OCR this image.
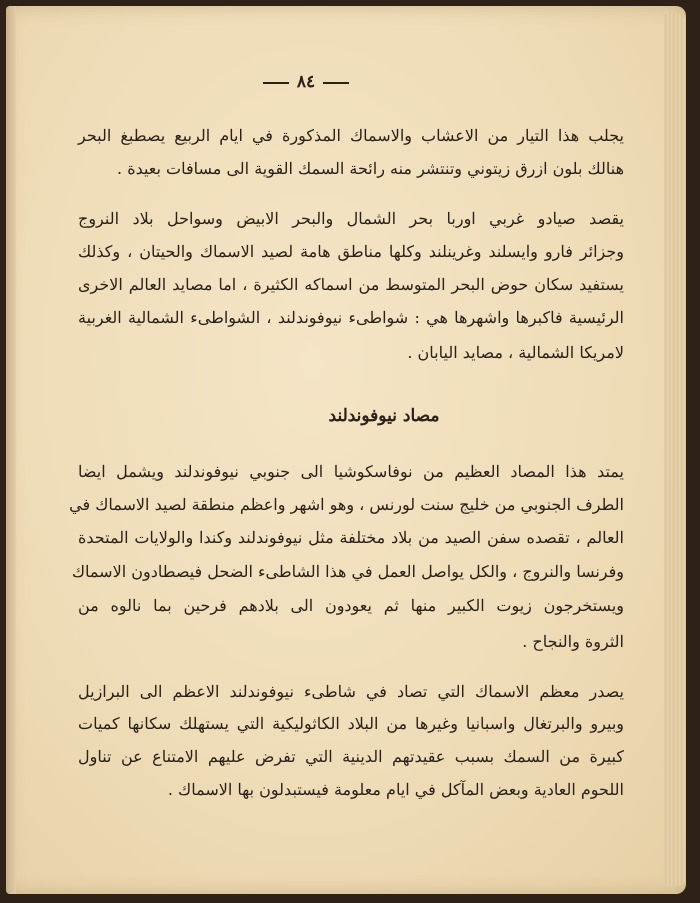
٨٤

يجلب هذا التيار من الاعشاب والاسماك المذكورة في ايام الربيع يصطبغ البحر

هنالك بلون ازرق زيتوني وتنتشر منه رائحة السمك القوية الى مسافات بعيدة .

يقصد صيادو غربي اوربا بحر الشمال والبحر الابيض وسواحل بلاد النروج

وجزائر فارو وايسلند وغرينلند وكلها مناطق هامة لصيد الاسماك والحيتان ، وكذلك

يستفيد سكان حوض البحر المتوسط من اسماكه الكثيرة ، اما مصايد العالم الاخرى

الرئيسية فاكبرها واشهرها هي : شواطىء نيوفوندلند ، الشواطىء الشمالية الغربية

لامريكا الشمالية ، مصايد اليابان .

مصاد نيوفوندلند

يمتد هذا المصاد العظيم من نوفاسكوشيا الى جنوبي نيوفوندلند ويشمل ايضا

الطرف الجنوبي من خليج سنت لورنس ، وهو اشهر واعظم منطقة لصيد الاسماك في

العالم ، تقصده سفن الصيد من بلاد مختلفة مثل نيوفوندلند وكندا والولايات المتحدة

وفرنسا والنروج ، والكل يواصل العمل في هذا الشاطىء الضحل فيصطادون الاسماك

ويستخرجون زيوت الكبير منها ثم يعودون الى بلادهم فرحين بما نالوه من

الثروة والنجاح .

يصدر معظم الاسماك التي تصاد في شاطىء نيوفوندلند الاعظم الى البرازيل

وبيرو والبرتغال واسبانيا وغيرها من البلاد الكاثوليكية التي يستهلك سكانها كميات

كبيرة من السمك بسبب عقيدتهم الدينية التي تفرض عليهم الامتناع عن تناول

اللحوم العادية وبعض المآكل في ايام معلومة فيستبدلون بها الاسماك .
